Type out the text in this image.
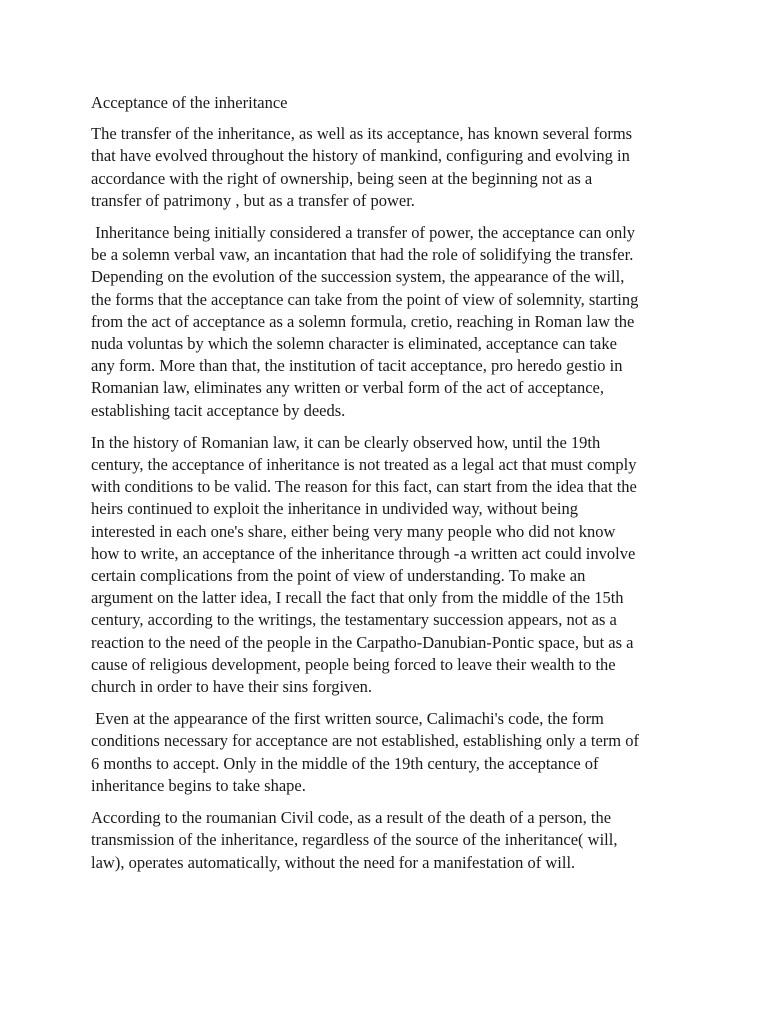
Acceptance of the inheritance
The transfer of the inheritance, as well as its acceptance, has known several forms
that have evolved throughout the history of mankind, configuring and evolving in
accordance with the right of ownership, being seen at the beginning not as a
transfer of patrimony , but as a transfer of power.
Inheritance being initially considered a transfer of power, the acceptance can only
be a solemn verbal vaw, an incantation that had the role of solidifying the transfer.
Depending on the evolution of the succession system, the appearance of the will,
the forms that the acceptance can take from the point of view of solemnity, starting
from the act of acceptance as a solemn formula, cretio, reaching in Roman law the
nuda voluntas by which the solemn character is eliminated, acceptance can take
any form. More than that, the institution of tacit acceptance, pro heredo gestio in
Romanian law, eliminates any written or verbal form of the act of acceptance,
establishing tacit acceptance by deeds.
In the history of Romanian law, it can be clearly observed how, until the 19th
century, the acceptance of inheritance is not treated as a legal act that must comply
with conditions to be valid. The reason for this fact, can start from the idea that the
heirs continued to exploit the inheritance in undivided way, without being
interested in each one's share, either being very many people who did not know
how to write, an acceptance of the inheritance through -a written act could involve
certain complications from the point of view of understanding. To make an
argument on the latter idea, I recall the fact that only from the middle of the 15th
century, according to the writings, the testamentary succession appears, not as a
reaction to the need of the people in the Carpatho-Danubian-Pontic space, but as a
cause of religious development, people being forced to leave their wealth to the
church in order to have their sins forgiven.
Even at the appearance of the first written source, Calimachi's code, the form
conditions necessary for acceptance are not established, establishing only a term of
6 months to accept. Only in the middle of the 19th century, the acceptance of
inheritance begins to take shape.
According to the roumanian Civil code, as a result of the death of a person, the
transmission of the inheritance, regardless of the source of the inheritance( will,
law), operates automatically, without the need for a manifestation of will.
